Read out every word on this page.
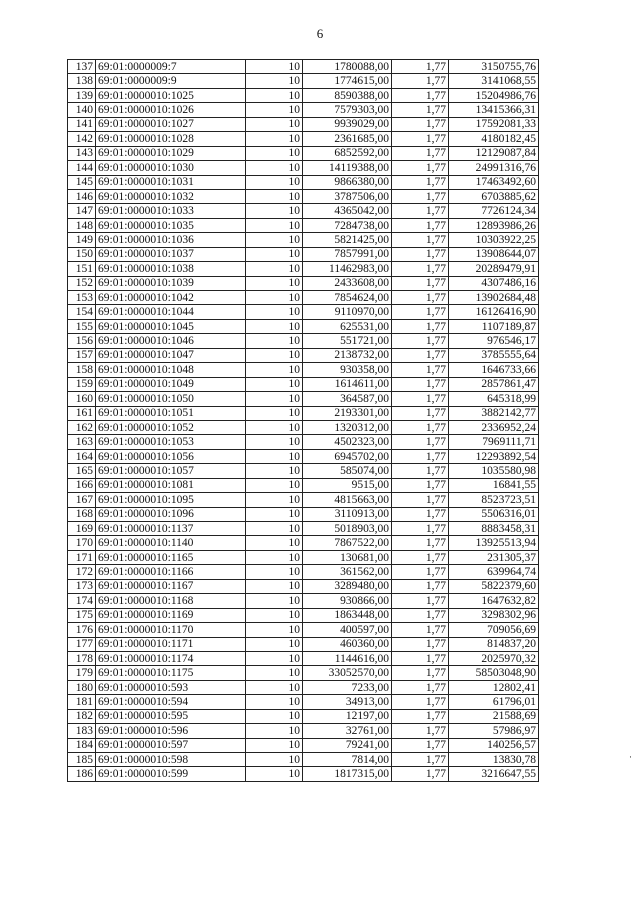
6
137	69:01:0000009:7	10	1780088,00	1,77	3150755,76
138	69:01:0000009:9	10	1774615,00	1,77	3141068,55
139	69:01:0000010:1025	10	8590388,00	1,77	15204986,76
140	69:01:0000010:1026	10	7579303,00	1,77	13415366,31
141	69:01:0000010:1027	10	9939029,00	1,77	17592081,33
142	69:01:0000010:1028	10	2361685,00	1,77	4180182,45
143	69:01:0000010:1029	10	6852592,00	1,77	12129087,84
144	69:01:0000010:1030	10	14119388,00	1,77	24991316,76
145	69:01:0000010:1031	10	9866380,00	1,77	17463492,60
146	69:01:0000010:1032	10	3787506,00	1,77	6703885,62
147	69:01:0000010:1033	10	4365042,00	1,77	7726124,34
148	69:01:0000010:1035	10	7284738,00	1,77	12893986,26
149	69:01:0000010:1036	10	5821425,00	1,77	10303922,25
150	69:01:0000010:1037	10	7857991,00	1,77	13908644,07
151	69:01:0000010:1038	10	11462983,00	1,77	20289479,91
152	69:01:0000010:1039	10	2433608,00	1,77	4307486,16
153	69:01:0000010:1042	10	7854624,00	1,77	13902684,48
154	69:01:0000010:1044	10	9110970,00	1,77	16126416,90
155	69:01:0000010:1045	10	625531,00	1,77	1107189,87
156	69:01:0000010:1046	10	551721,00	1,77	976546,17
157	69:01:0000010:1047	10	2138732,00	1,77	3785555,64
158	69:01:0000010:1048	10	930358,00	1,77	1646733,66
159	69:01:0000010:1049	10	1614611,00	1,77	2857861,47
160	69:01:0000010:1050	10	364587,00	1,77	645318,99
161	69:01:0000010:1051	10	2193301,00	1,77	3882142,77
162	69:01:0000010:1052	10	1320312,00	1,77	2336952,24
163	69:01:0000010:1053	10	4502323,00	1,77	7969111,71
164	69:01:0000010:1056	10	6945702,00	1,77	12293892,54
165	69:01:0000010:1057	10	585074,00	1,77	1035580,98
166	69:01:0000010:1081	10	9515,00	1,77	16841,55
167	69:01:0000010:1095	10	4815663,00	1,77	8523723,51
168	69:01:0000010:1096	10	3110913,00	1,77	5506316,01
169	69:01:0000010:1137	10	5018903,00	1,77	8883458,31
170	69:01:0000010:1140	10	7867522,00	1,77	13925513,94
171	69:01:0000010:1165	10	130681,00	1,77	231305,37
172	69:01:0000010:1166	10	361562,00	1,77	639964,74
173	69:01:0000010:1167	10	3289480,00	1,77	5822379,60
174	69:01:0000010:1168	10	930866,00	1,77	1647632,82
175	69:01:0000010:1169	10	1863448,00	1,77	3298302,96
176	69:01:0000010:1170	10	400597,00	1,77	709056,69
177	69:01:0000010:1171	10	460360,00	1,77	814837,20
178	69:01:0000010:1174	10	1144616,00	1,77	2025970,32
179	69:01:0000010:1175	10	33052570,00	1,77	58503048,90
180	69:01:0000010:593	10	7233,00	1,77	12802,41
181	69:01:0000010:594	10	34913,00	1,77	61796,01
182	69:01:0000010:595	10	12197,00	1,77	21588,69
183	69:01:0000010:596	10	32761,00	1,77	57986,97
184	69:01:0000010:597	10	79241,00	1,77	140256,57
185	69:01:0000010:598	10	7814,00	1,77	13830,78
186	69:01:0000010:599	10	1817315,00	1,77	3216647,55
·
